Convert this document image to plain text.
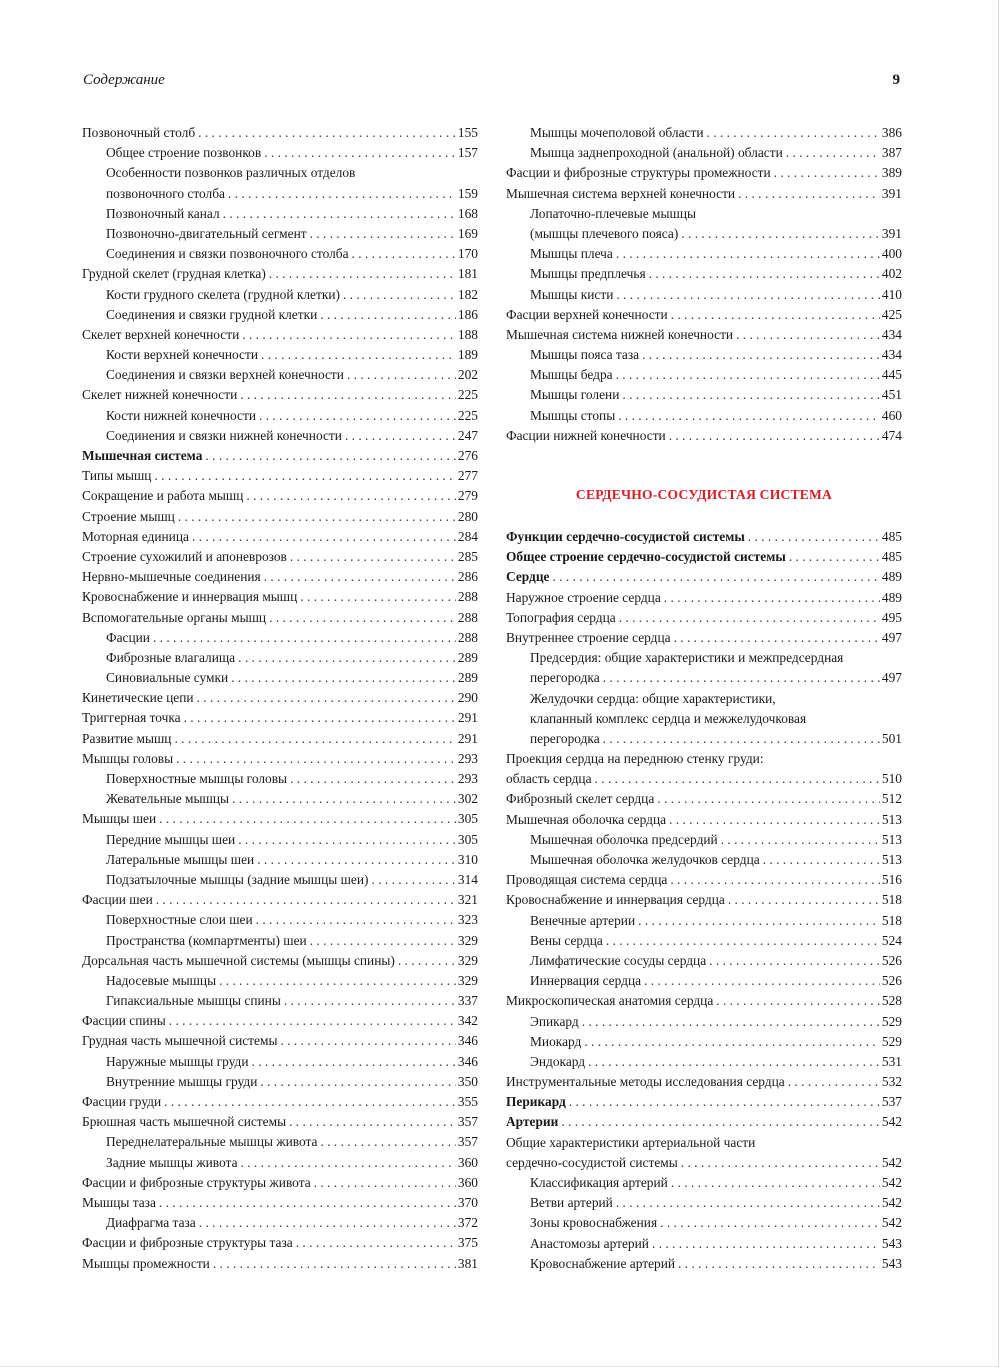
Содержание	9
Позвоночный столб . . .	155
Общее строение позвонков . . .	157
Особенности позвонков различных отделов
позвоночного столба . . .	159
Позвоночный канал . . .	168
Позвоночно-двигательный сегмент . . .	169
Соединения и связки позвоночного столба . . .	170
Грудной скелет (грудная клетка) . . .	181
Кости грудного скелета (грудной клетки) . . .	182
Соединения и связки грудной клетки . . .	186
Скелет верхней конечности . . .	188
Кости верхней конечности . . .	189
Соединения и связки верхней конечности . . .	202
Скелет нижней конечности . . .	225
Кости нижней конечности . . .	225
Соединения и связки нижней конечности . . .	247
Мышечная система . . .	276
Типы мышц . . .	277
Сокращение и работа мышц . . .	279
Строение мышц . . .	280
Моторная единица . . .	284
Строение сухожилий и апоневрозов . . .	285
Нервно-мышечные соединения . . .	286
Кровоснабжение и иннервация мышц . . .	288
Вспомогательные органы мышц . . .	288
Фасции . . .	288
Фиброзные влагалища . . .	289
Синовиальные сумки . . .	289
Кинетические цепи . . .	290
Триггерная точка . . .	291
Развитие мышц . . .	291
Мышцы головы . . .	293
Поверхностные мышцы головы . . .	293
Жевательные мышцы . . .	302
Мышцы шеи . . .	305
Передние мышцы шеи . . .	305
Латеральные мышцы шеи . . .	310
Подзатылочные мышцы (задние мышцы шеи) . . .	314
Фасции шеи . . .	321
Поверхностные слои шеи . . .	323
Пространства (компартменты) шеи . . .	329
Дорсальная часть мышечной системы (мышцы спины) . . .	329
Надосевые мышцы . . .	329
Гипаксиальные мышцы спины . . .	337
Фасции спины . . .	342
Грудная часть мышечной системы . . .	346
Наружные мышцы груди . . .	346
Внутренние мышцы груди . . .	350
Фасции груди . . .	355
Брюшная часть мышечной системы . . .	357
Переднелатеральные мышцы живота . . .	357
Задние мышцы живота . . .	360
Фасции и фиброзные структуры живота . . .	360
Мышцы таза . . .	370
Диафрагма таза . . .	372
Фасции и фиброзные структуры таза . . .	375
Мышцы промежности . . .	381
Мышцы мочеполовой области . . .	386
Мышца заднепроходной (анальной) области . . .	387
Фасции и фиброзные структуры промежности . . .	389
Мышечная система верхней конечности . . .	391
Лопаточно-плечевые мышцы
(мышцы плечевого пояса) . . .	391
Мышцы плеча . . .	400
Мышцы предплечья . . .	402
Мышцы кисти . . .	410
Фасции верхней конечности . . .	425
Мышечная система нижней конечности . . .	434
Мышцы пояса таза . . .	434
Мышцы бедра . . .	445
Мышцы голени . . .	451
Мышцы стопы . . .	460
Фасции нижней конечности . . .	474
СЕРДЕЧНО-СОСУДИСТАЯ СИСТЕМА
Функции сердечно-сосудистой системы . . .	485
Общее строение сердечно-сосудистой системы . . .	485
Сердце . . .	489
Наружное строение сердца . . .	489
Топография сердца . . .	495
Внутреннее строение сердца . . .	497
Предсердия: общие характеристики и межпредсердная
перегородка . . .	497
Желудочки сердца: общие характеристики,
клапанный комплекс сердца и межжелудочковая
перегородка . . .	501
Проекция сердца на переднюю стенку груди:
область сердца . . .	510
Фиброзный скелет сердца . . .	512
Мышечная оболочка сердца . . .	513
Мышечная оболочка предсердий . . .	513
Мышечная оболочка желудочков сердца . . .	513
Проводящая система сердца . . .	516
Кровоснабжение и иннервация сердца . . .	518
Венечные артерии . . .	518
Вены сердца . . .	524
Лимфатические сосуды сердца . . .	526
Иннервация сердца . . .	526
Микроскопическая анатомия сердца . . .	528
Эпикард . . .	529
Миокард . . .	529
Эндокард . . .	531
Инструментальные методы исследования сердца . . .	532
Перикард . . .	537
Артерии . . .	542
Общие характеристики артериальной части
сердечно-сосудистой системы . . .	542
Классификация артерий . . .	542
Ветви артерий . . .	542
Зоны кровоснабжения . . .	542
Анастомозы артерий . . .	543
Кровоснабжение артерий . . .	543
